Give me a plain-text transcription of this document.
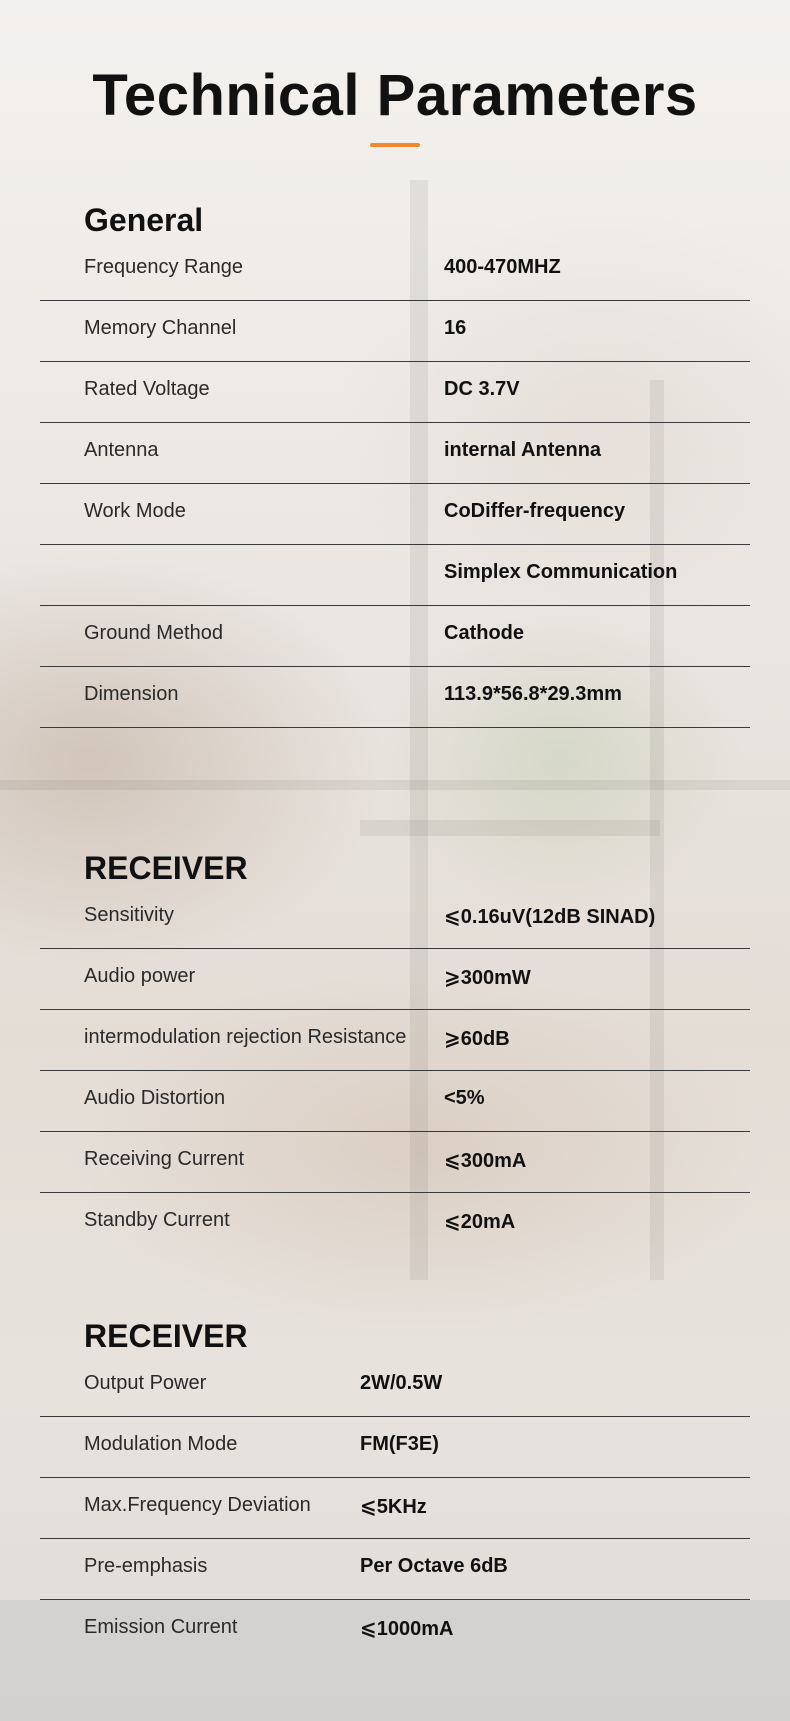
Technical Parameters
General
Frequency Range	400-470MHZ
Memory Channel	16
Rated Voltage	DC 3.7V
Antenna	internal Antenna
Work Mode	CoDiffer-frequency
Simplex Communication
Ground Method	Cathode
Dimension	113.9*56.8*29.3mm
RECEIVER
Sensitivity	⩽0.16uV(12dB SINAD)
Audio power	⩾300mW
intermodulation rejection Resistance ⩾60dB
Audio Distortion	<5%
Receiving Current	⩽300mA
Standby Current	⩽20mA
RECEIVER
Output Power	2W/0.5W
Modulation Mode	FM(F3E)
Max.Frequency Deviation ⩽5KHz
Pre-emphasis	Per Octave 6dB
Emission Current	⩽1000mA
